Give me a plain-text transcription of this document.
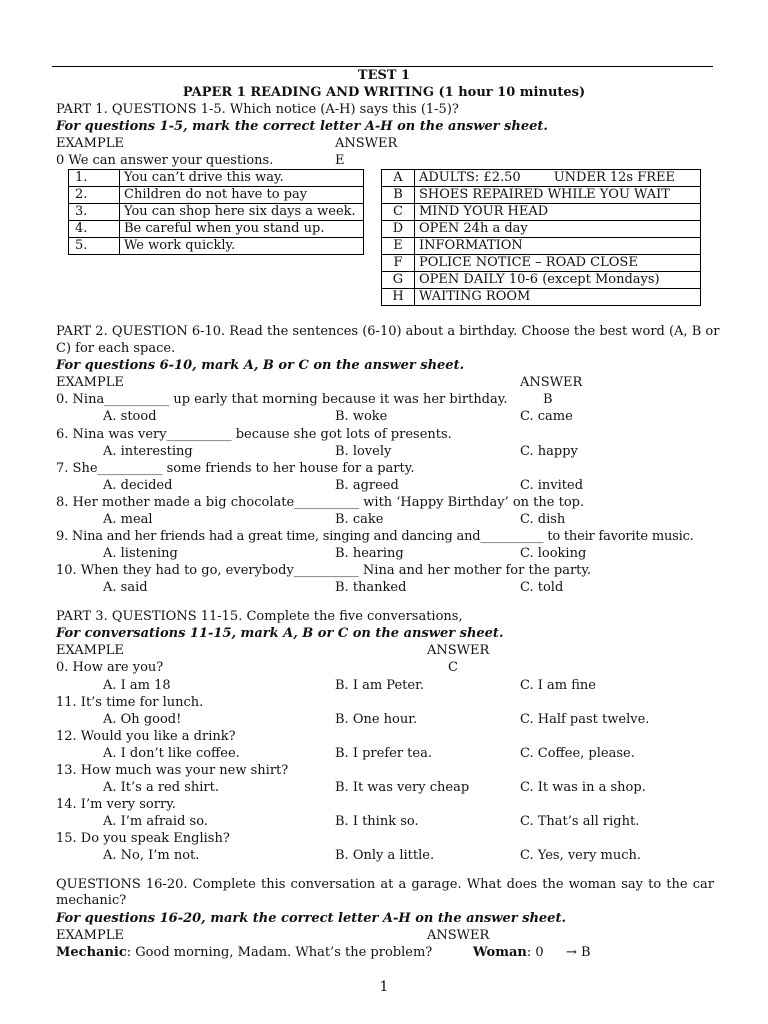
TEST 1
PAPER 1 READING AND WRITING (1 hour 10 minutes)
PART 1. QUESTIONS 1-5. Which notice (A-H) says this (1-5)?
For questions 1-5, mark the correct letter A-H on the answer sheet.
EXAMPLE	ANSWER
0 We can answer your questions.	E
1.	You can’t drive this way.
2.	Children do not have to pay
3.	You can shop here six days a week.
4.	Be careful when you stand up.
5.	We work quickly.
A	ADULTS: £2.50        UNDER 12s FREE
B	SHOES REPAIRED WHILE YOU WAIT
C	MIND YOUR HEAD
D	OPEN 24h a day
E	INFORMATION
F	POLICE NOTICE – ROAD CLOSE
G	OPEN DAILY 10-6 (except Mondays)
H	WAITING ROOM
PART 2. QUESTION 6-10. Read the sentences (6-10) about a birthday. Choose the best word (A, B or
C) for each space.
For questions 6-10, mark A, B or C on the answer sheet.
EXAMPLE	ANSWER
0. Nina__________ up early that morning because it was her birthday.	B
A. stood	B. woke	C. came
6. Nina was very__________ because she got lots of presents.
A. interesting	B. lovely	C. happy
7. She__________ some friends to her house for a party.
A. decided	B. agreed	C. invited
8. Her mother made a big chocolate__________ with ‘Happy Birthday’ on the top.
A. meal	B. cake	C. dish
9. Nina and her friends had a great time, singing and dancing and__________ to their favorite music.
A. listening	B. hearing	C. looking
10. When they had to go, everybody__________ Nina and her mother for the party.
A. said	B. thanked	C. told
PART 3. QUESTIONS 11-15. Complete the five conversations,
For conversations 11-15, mark A, B or C on the answer sheet.
EXAMPLE	ANSWER
0. How are you?	C
A. I am 18	B. I am Peter.	C. I am fine
11. It’s time for lunch.
A. Oh good!	B. One hour.	C. Half past twelve.
12. Would you like a drink?
A. I don’t like coffee.	B. I prefer tea.	C. Coffee, please.
13. How much was your new shirt?
A. It’s a red shirt.	B. It was very cheap	C. It was in a shop.
14. I’m very sorry.
A. I’m afraid so.	B. I think so.	C. That’s all right.
15. Do you speak English?
A. No, I’m not.	B. Only a little.	C. Yes, very much.
QUESTIONS 16-20. Complete this conversation at a garage. What does the woman say to the car mechanic?
For questions 16-20, mark the correct letter A-H on the answer sheet.
EXAMPLE	ANSWER
Mechanic: Good morning, Madam. What’s the problem?	Woman: 0 → B
1
